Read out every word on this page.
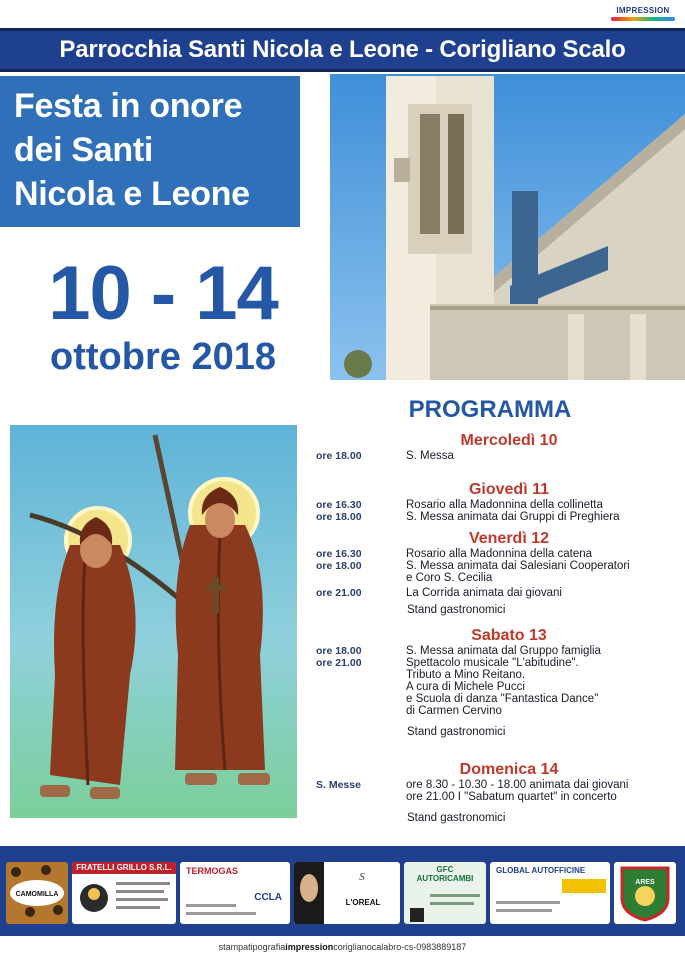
IMPRESSION
Parrocchia Santi Nicola e Leone - Corigliano Scalo
Festa in onore
dei Santi
Nicola e Leone
10 - 14
ottobre 2018
PROGRAMMA
Mercoledì 10
ore 18.00	S. Messa
Giovedì 11
ore 16.30	Rosario alla Madonnina della collinetta
ore 18.00	S. Messa animata dai Gruppi di Preghiera
Venerdì 12
ore 16.30	Rosario alla Madonnina della catena
ore 18.00	S. Messa animata dai Salesiani Cooperatori
e Coro S. Cecilia
ore 21.00	La Corrida animata dai giovani
Stand gastronomici
Sabato 13
ore 18.00	S. Messa animata dal Gruppo famiglia
ore 21.00	Spettacolo musicale "L'abitudine".
Tributo a Mino Reitano.
A cura di Michele Pucci
e Scuola di danza "Fantastica Dance"
di Carmen Cervino
Stand gastronomici
Domenica 14
S. Messe	ore 8.30 - 10.30 - 18.00 animata dai giovani
ore 21.00 I "Sabatum quartet" in concerto
Stand gastronomici
CAMOMILLA
FRATELLI GRILLO S.R.L.	TERMOGAS
CCLA
S
L'OREAL
GFC AUTORICAMBI
GLOBAL AUTOFFICINE
ARES
stampatipografiaimpressioncoriglianocalabro-cs-0983889187
